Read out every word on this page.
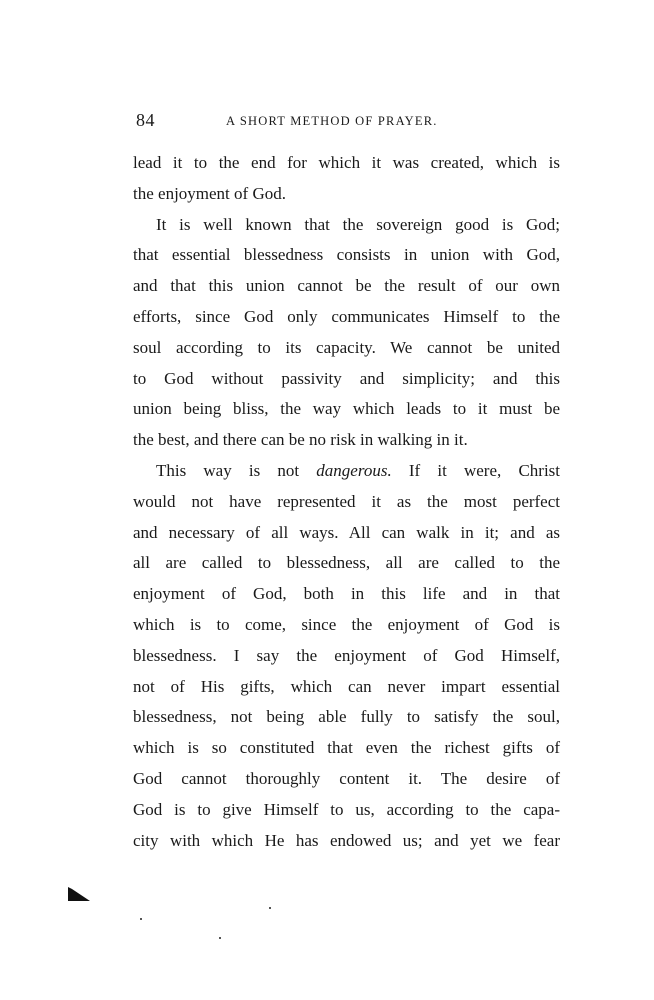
84	A SHORT METHOD OF PRAYER.

lead it to the end for which it was created, which is
the enjoyment of God.

It is well known that the sovereign good is God;
that essential blessedness consists in union with God,
and that this union cannot be the result of our own
efforts, since God only communicates Himself to the
soul according to its capacity. We cannot be united
to God without passivity and simplicity; and this
union being bliss, the way which leads to it must be
the best, and there can be no risk in walking in it.

This way is not dangerous. If it were, Christ
would not have represented it as the most perfect
and necessary of all ways. All can walk in it; and as
all are called to blessedness, all are called to the
enjoyment of God, both in this life and in that
which is to come, since the enjoyment of God is
blessedness. I say the enjoyment of God Himself,
not of His gifts, which can never impart essential
blessedness, not being able fully to satisfy the soul,
which is so constituted that even the richest gifts of
God cannot thoroughly content it. The desire of
God is to give Himself to us, according to the capa-
city with which He has endowed us; and yet we fear
